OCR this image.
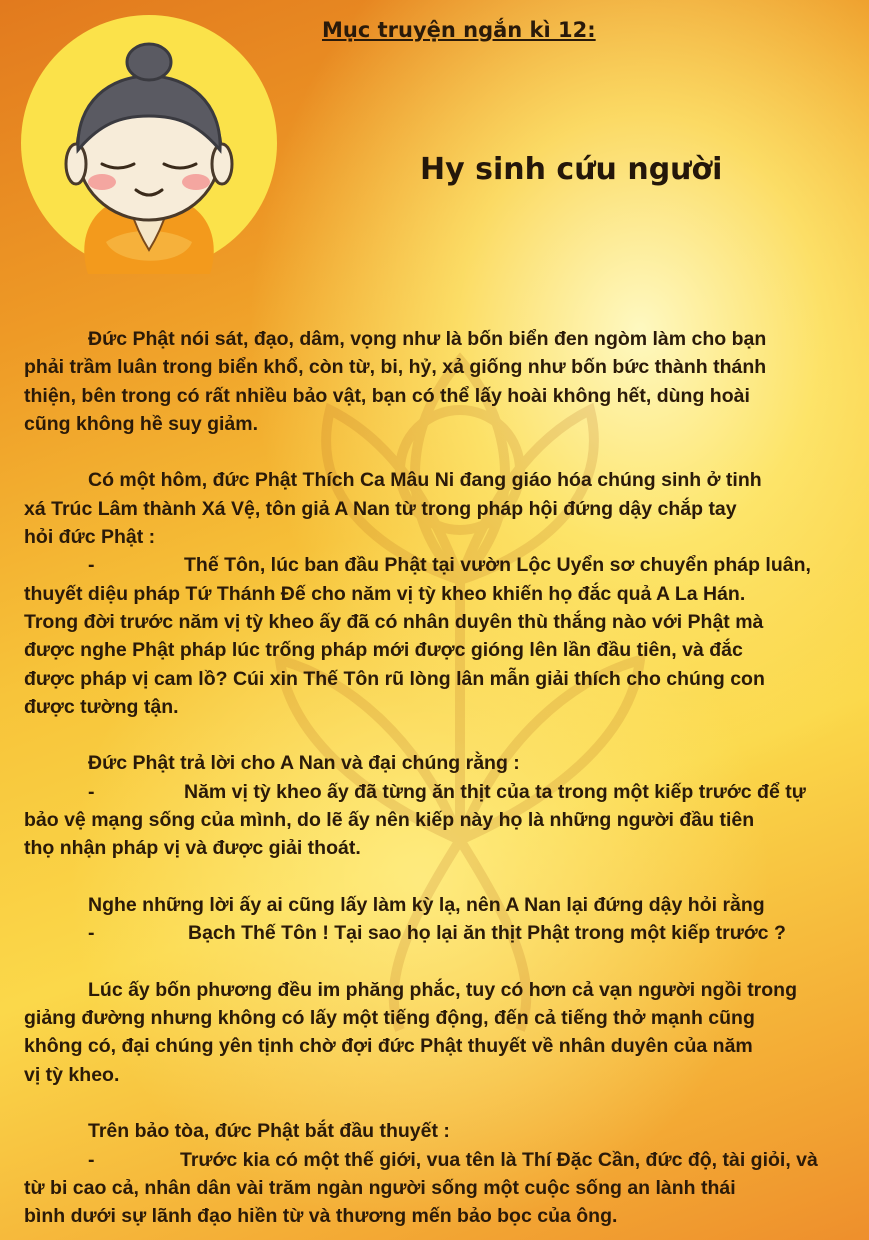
Mục truyện ngắn kì 12:
Hy sinh cứu người
Đức Phật nói sát, đạo, dâm, vọng như là bốn biển đen ngòm làm cho bạn
phải trầm luân trong biển khổ, còn từ, bi, hỷ, xả giống như bốn bức thành thánh
thiện, bên trong có rất nhiều bảo vật, bạn có thể lấy hoài không hết, dùng hoài
cũng không hề suy giảm.
Có một hôm, đức Phật Thích Ca Mâu Ni đang giáo hóa chúng sinh ở tinh
xá Trúc Lâm thành Xá Vệ, tôn giả A Nan từ trong pháp hội đứng dậy chắp tay
hỏi đức Phật :
-	Thế Tôn, lúc ban đầu Phật tại vườn Lộc Uyển sơ chuyển pháp luân,
thuyết diệu pháp Tứ Thánh Đế cho năm vị tỳ kheo khiến họ đắc quả A La Hán.
Trong đời trước năm vị tỳ kheo ấy đã có nhân duyên thù thắng nào với Phật mà
được nghe Phật pháp lúc trống pháp mới được gióng lên lần đầu tiên, và đắc
được pháp vị cam lồ? Cúi xin Thế Tôn rũ lòng lân mẫn giải thích cho chúng con
được tường tận.
Đức Phật trả lời cho A Nan và đại chúng rằng :
-	Năm vị tỳ kheo ấy đã từng ăn thịt của ta trong một kiếp trước để tự
bảo vệ mạng sống của mình, do lẽ ấy nên kiếp này họ là những người đầu tiên
thọ nhận pháp vị và được giải thoát.
Nghe những lời ấy ai cũng lấy làm kỳ lạ, nên A Nan lại đứng dậy hỏi rằng
-	Bạch Thế Tôn ! Tại sao họ lại ăn thịt Phật trong một kiếp trước ?
Lúc ấy bốn phương đều im phăng phắc, tuy có hơn cả vạn người ngồi trong
giảng đường nhưng không có lấy một tiếng động, đến cả tiếng thở mạnh cũng
không có, đại chúng yên tịnh chờ đợi đức Phật thuyết về nhân duyên của năm
vị tỳ kheo.
Trên bảo tòa, đức Phật bắt đầu thuyết :
-	Trước kia có một thế giới, vua tên là Thí Đặc Cần, đức độ, tài giỏi, và
từ bi cao cả, nhân dân vài trăm ngàn người sống một cuộc sống an lành thái
bình dưới sự lãnh đạo hiền từ và thương mến bảo bọc của ông.
